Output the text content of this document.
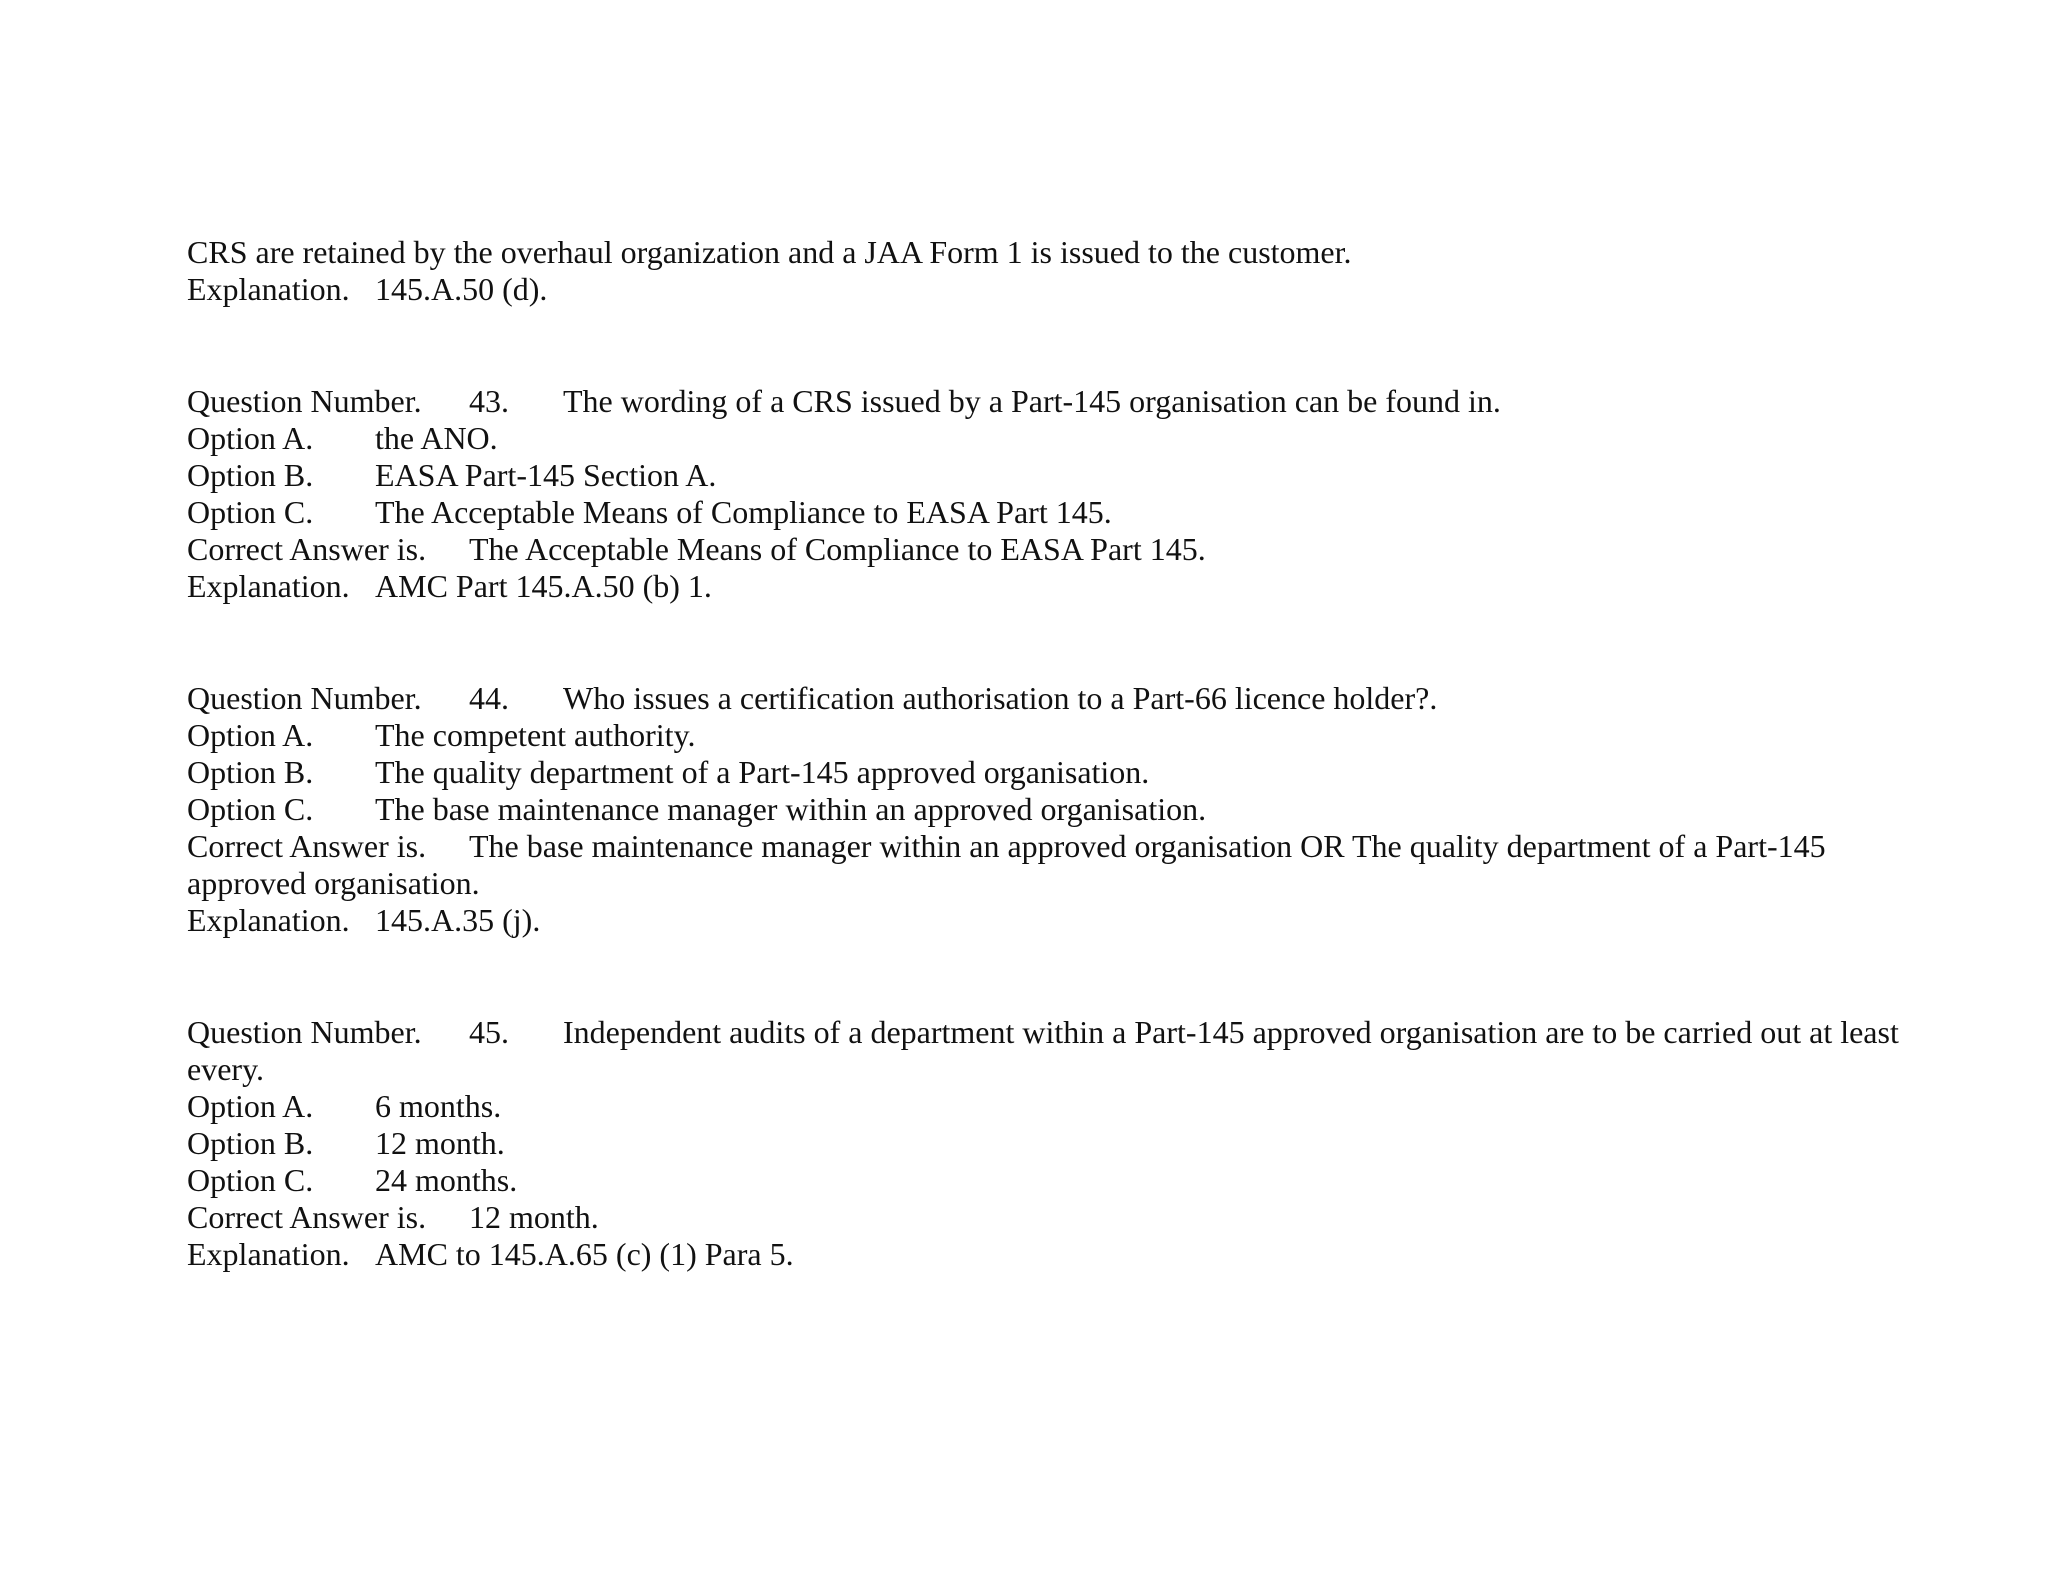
CRS are retained by the overhaul organization and a JAA Form 1 is issued to the customer.
Explanation. 145.A.50 (d).
Question Number. 43. The wording of a CRS issued by a Part-145 organisation can be found in.
Option A. the ANO.
Option B. EASA Part-145 Section A.
Option C. The Acceptable Means of Compliance to EASA Part 145.
Correct Answer is. The Acceptable Means of Compliance to EASA Part 145.
Explanation. AMC Part 145.A.50 (b) 1.
Question Number. 44. Who issues a certification authorisation to a Part-66 licence holder?.
Option A. The competent authority.
Option B. The quality department of a Part-145 approved organisation.
Option C. The base maintenance manager within an approved organisation.
Correct Answer is. The base maintenance manager within an approved organisation OR The quality department of a Part-145
approved organisation.
Explanation. 145.A.35 (j).
Question Number. 45. Independent audits of a department within a Part-145 approved organisation are to be carried out at least
every.
Option A. 6 months.
Option B. 12 month.
Option C. 24 months.
Correct Answer is. 12 month.
Explanation. AMC to 145.A.65 (c) (1) Para 5.
